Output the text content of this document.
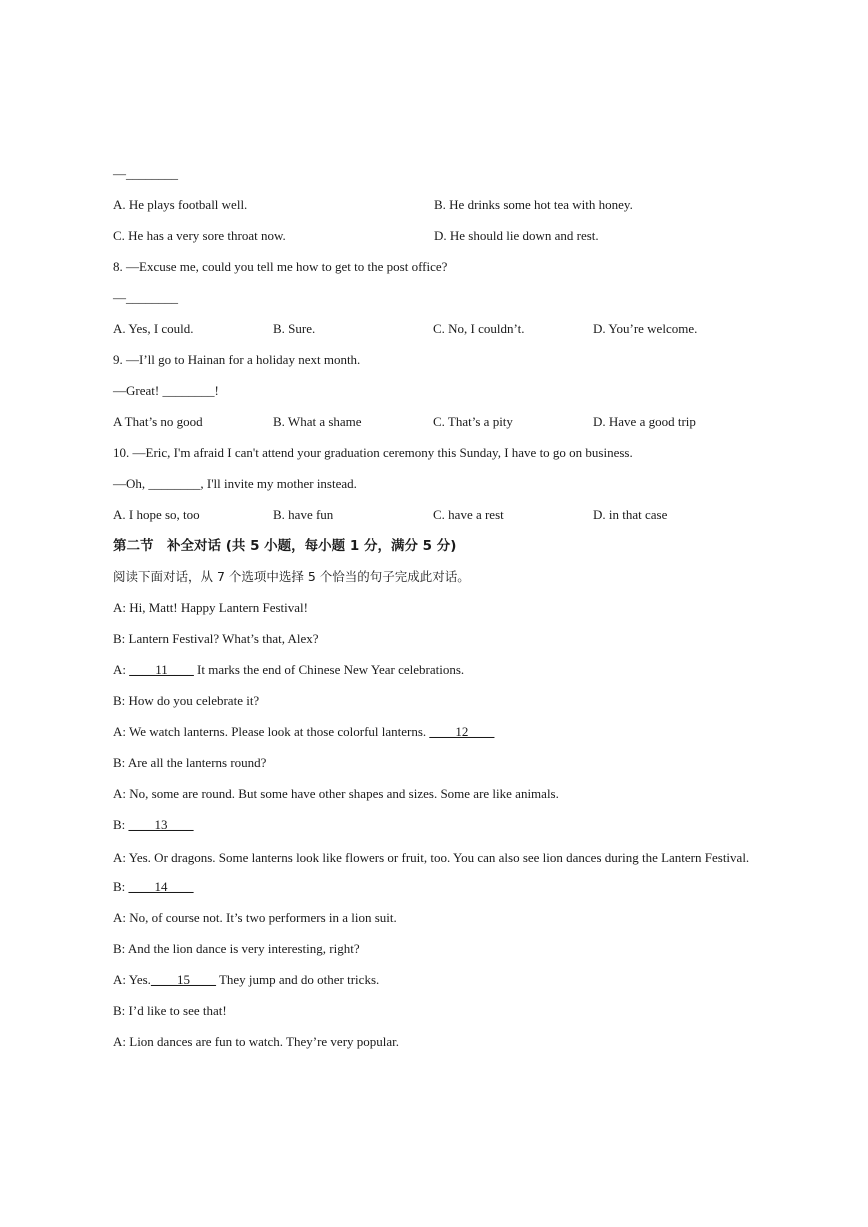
—________
A. He plays football well.	B. He drinks some hot tea with honey.
C. He has a very sore throat now.	D. He should lie down and rest.
8. —Excuse me, could you tell me how to get to the post office?
—________
A. Yes, I could.	B. Sure.	C. No, I couldn’t.	D. You’re welcome.
9. —I’ll go to Hainan for a holiday next month.
—Great! ________!
A That’s no good	B. What a shame	C. That’s a pity	D. Have a good trip
10. —Eric, I'm afraid I can't attend your graduation ceremony this Sunday, I have to go on business.
—Oh, ________, I'll invite my mother instead.
A. I hope so, too	B. have fun	C. have a rest	D. in that case
第二节　补全对话 (共 5 小题，每小题 1 分，满分 5 分)
阅读下面对话，从 7 个选项中选择 5 个恰当的句子完成此对话。
A: Hi, Matt! Happy Lantern Festival!
B: Lantern Festival? What’s that, Alex?
A: ____11____ It marks the end of Chinese New Year celebrations.
B: How do you celebrate it?
A: We watch lanterns. Please look at those colorful lanterns. ____12____
B: Are all the lanterns round?
A: No, some are round. But some have other shapes and sizes. Some are like animals.
B: ____13____
A: Yes. Or dragons. Some lanterns look like flowers or fruit, too. You can also see lion dances during the Lantern Festival.
B: ____14____
A: No, of course not. It’s two performers in a lion suit.
B: And the lion dance is very interesting, right?
A: Yes.____15____ They jump and do other tricks.
B: I’d like to see that!
A: Lion dances are fun to watch. They’re very popular.
